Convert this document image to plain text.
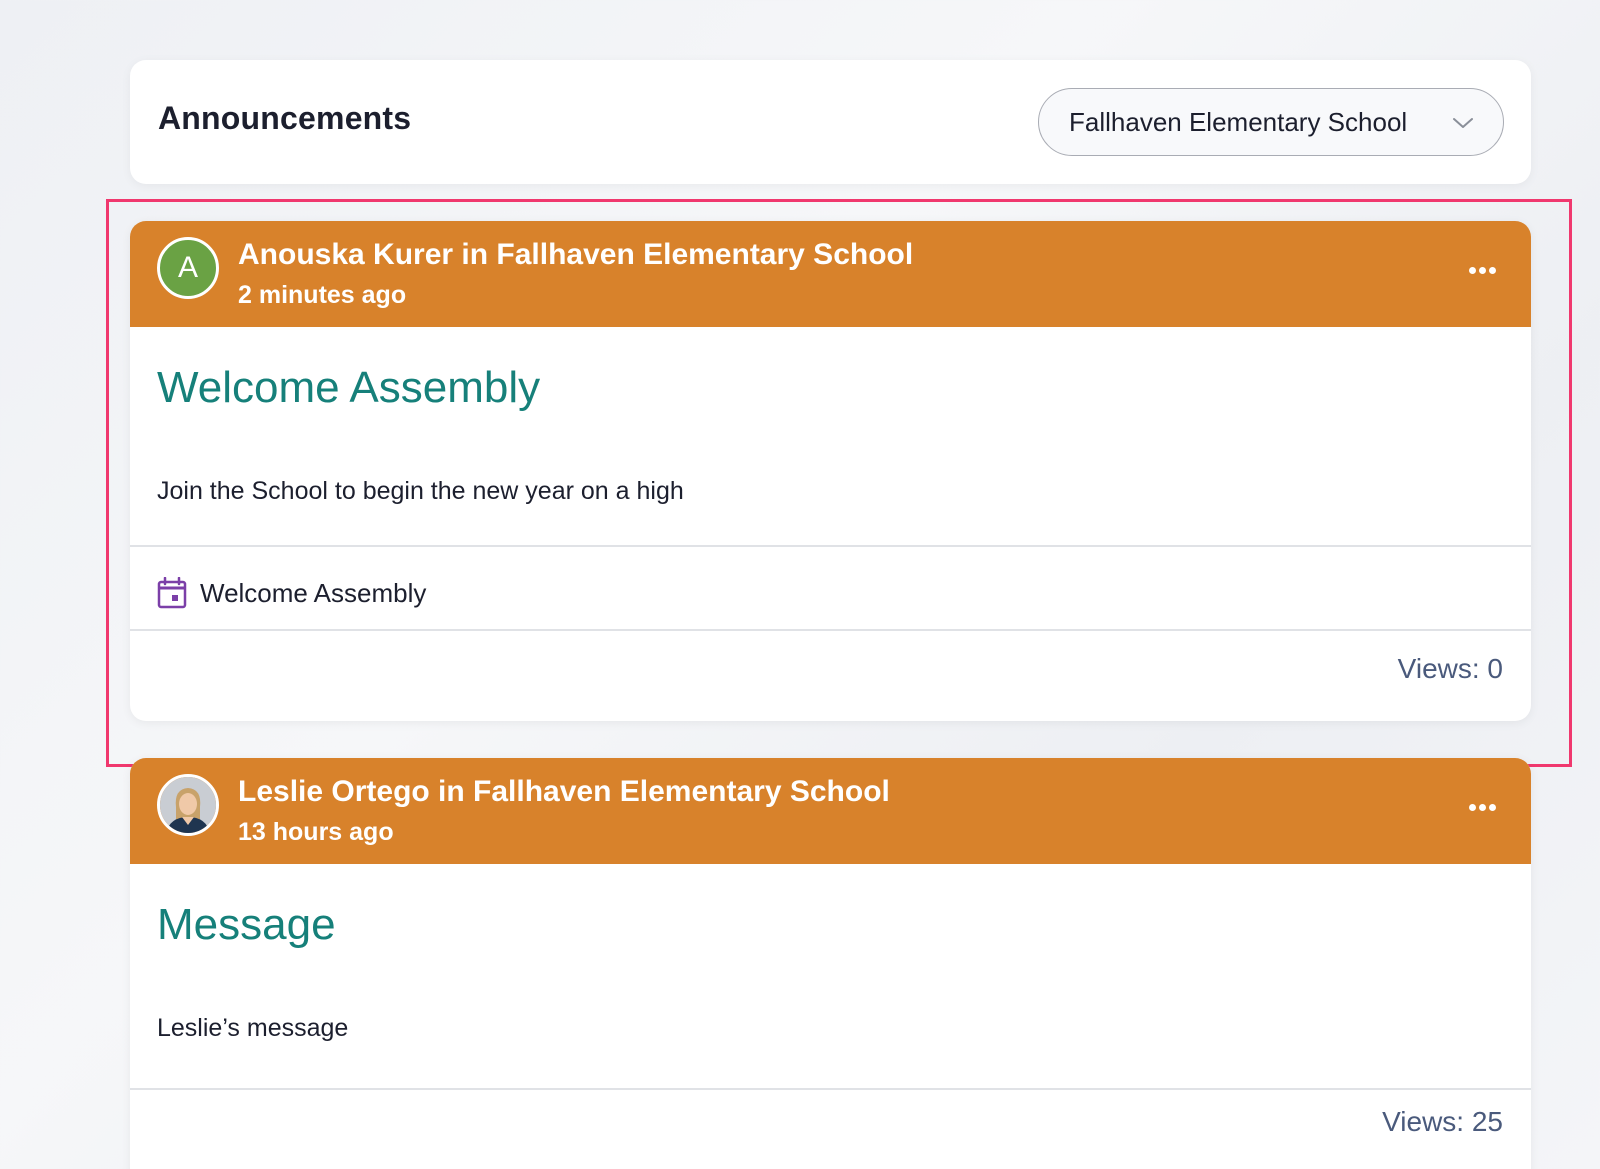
Announcements	Fallhaven Elementary School
A	Anouska Kurer in Fallhaven Elementary School
2 minutes ago
Welcome Assembly
Join the School to begin the new year on a high
Welcome Assembly
Views: 0
Leslie Ortego in Fallhaven Elementary School
13 hours ago
Message
Leslie’s message
Views: 25
